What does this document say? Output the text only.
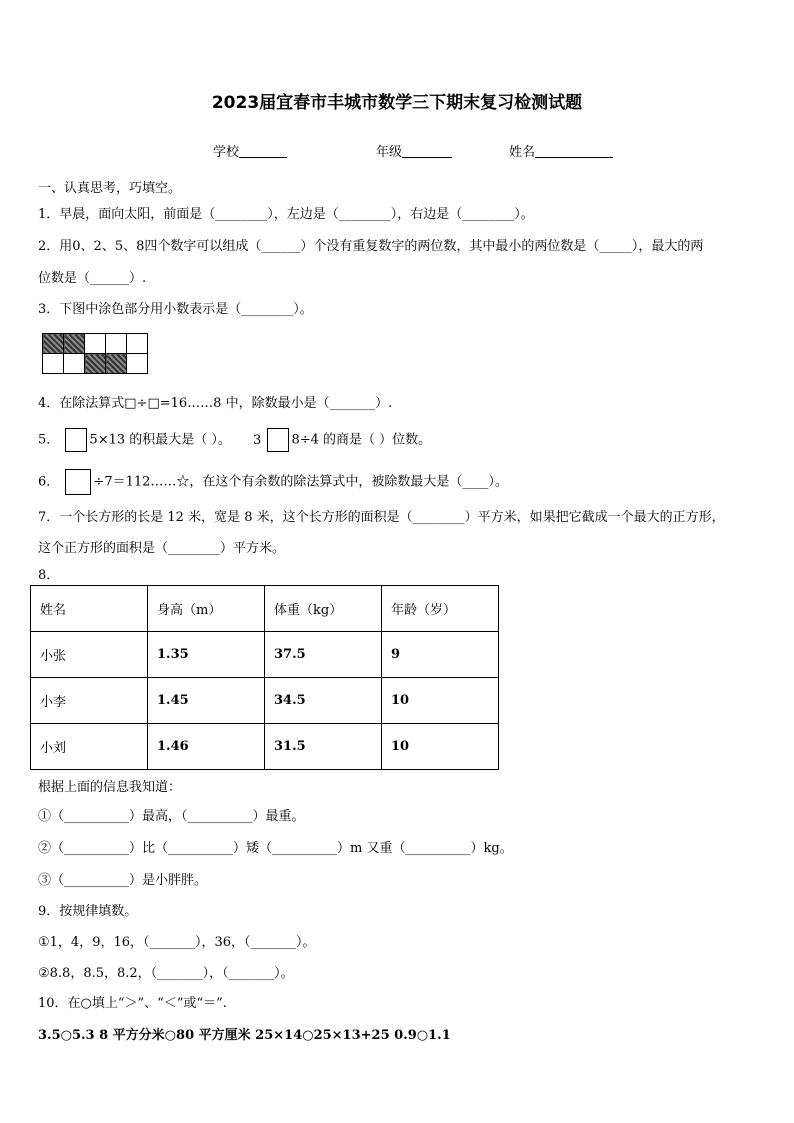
2023届宜春市丰城市数学三下期末复习检测试题
学校	年级	姓名
一、认真思考，巧填空。
1．早晨，面向太阳，前面是（________），左边是（________），右边是（________）。
2．用0、2、5、8四个数字可以组成（______）个没有重复数字的两位数，其中最小的两位数是（_____），最大的两
位数是（______）.
3．下图中涂色部分用小数表示是（________）。

4．在除法算式□÷□=16……8 中，除数最小是（_______）.
5． 5×13 的积最大是（ ）。 3 8÷4 的商是（ ）位数。
6．	÷7＝112……☆，在这个有余数的除法算式中，被除数最大是（____）。
7．一个长方形的长是 12 米，宽是 8 米，这个长方形的面积是（________）平方米，如果把它截成一个最大的正方形，
这个正方形的面积是（________）平方米。
8．
姓名	身高（m）	体重（kg）	年龄（岁）
小张	1.35	37.5	9
小李	1.45	34.5	10
小刘	1.46	31.5	10
根据上面的信息我知道：
①（__________）最高，（__________）最重。
②（__________）比（__________）矮（__________）m 又重（__________）kg。
③（__________）是小胖胖。
9．按规律填数。
①1，4，9，16，（_______），36，（_______）。
②8.8，8.5，8.2，（_______），（_______）。
10．在○填上“＞”、“＜”或“＝”.
3.5○5.3 8 平方分米○80 平方厘米 25×14○25×13+25 0.9○1.1
